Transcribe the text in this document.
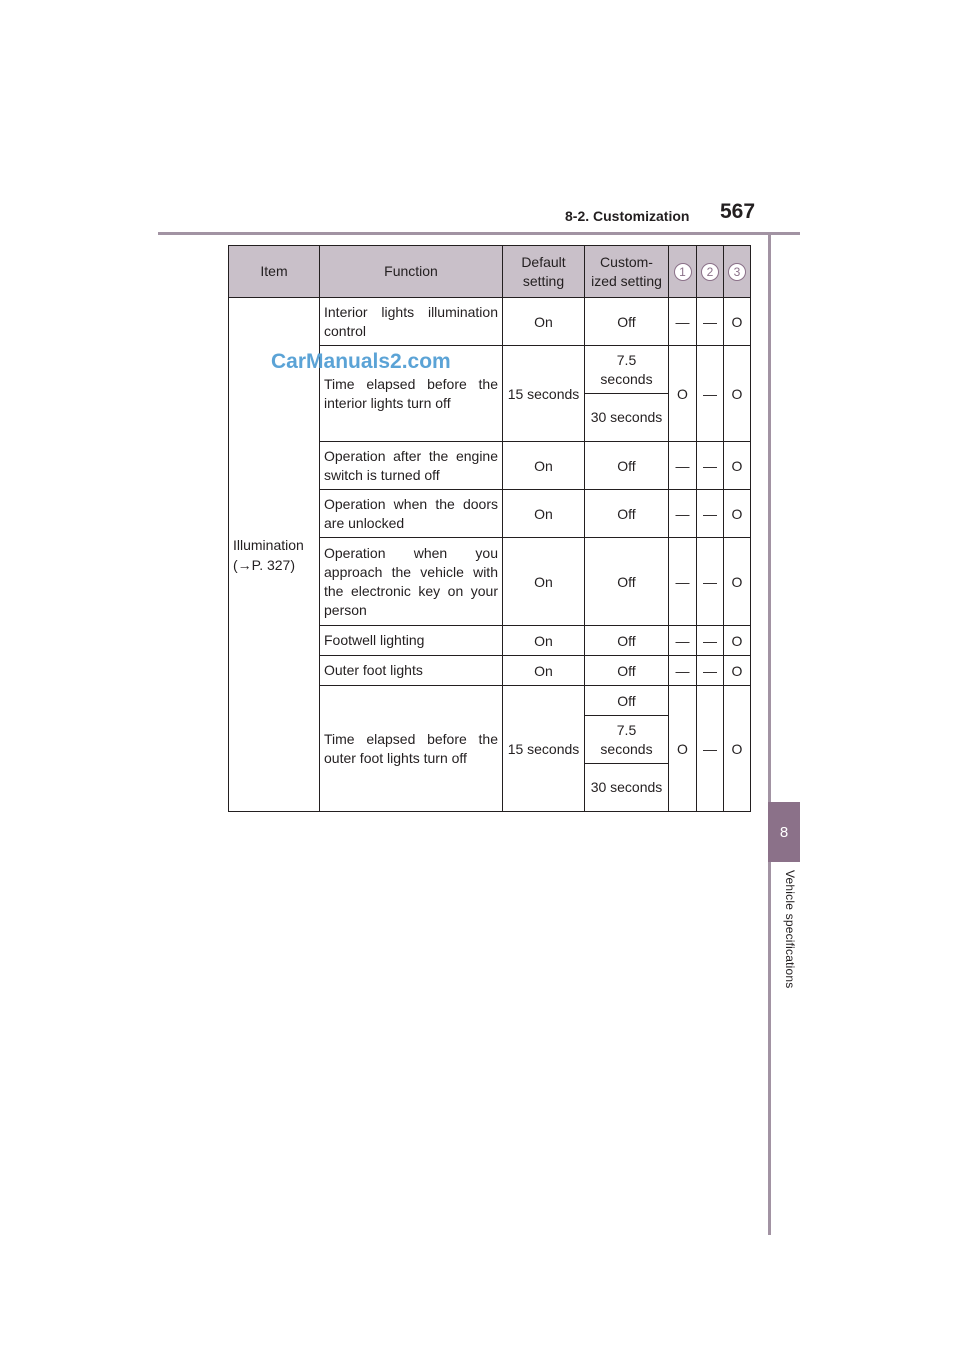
8-2. Customization 567
8
Vehicle specifications
Item	Function	Default setting	Custom-ized setting	1	2	3

Illumination
(→P. 327)	Interior lights illumination control	On	Off	—	—	O
	Time elapsed before the interior lights turn off	15 seconds	7.5 seconds	O	—	O
			30 seconds			
	Operation after the engine switch is turned off	On	Off	—	—	O
	Operation when the doors are unlocked	On	Off	—	—	O
	Operation when you approach the vehicle with the electronic key on your person	On	Off	—	—	O
	Footwell lighting	On	Off	—	—	O
	Outer foot lights	On	Off	—	—	O
	Time elapsed before the outer foot lights turn off	15 seconds	Off	O	—	O
			7.5 seconds			
			30 seconds			
CarManuals2.com
